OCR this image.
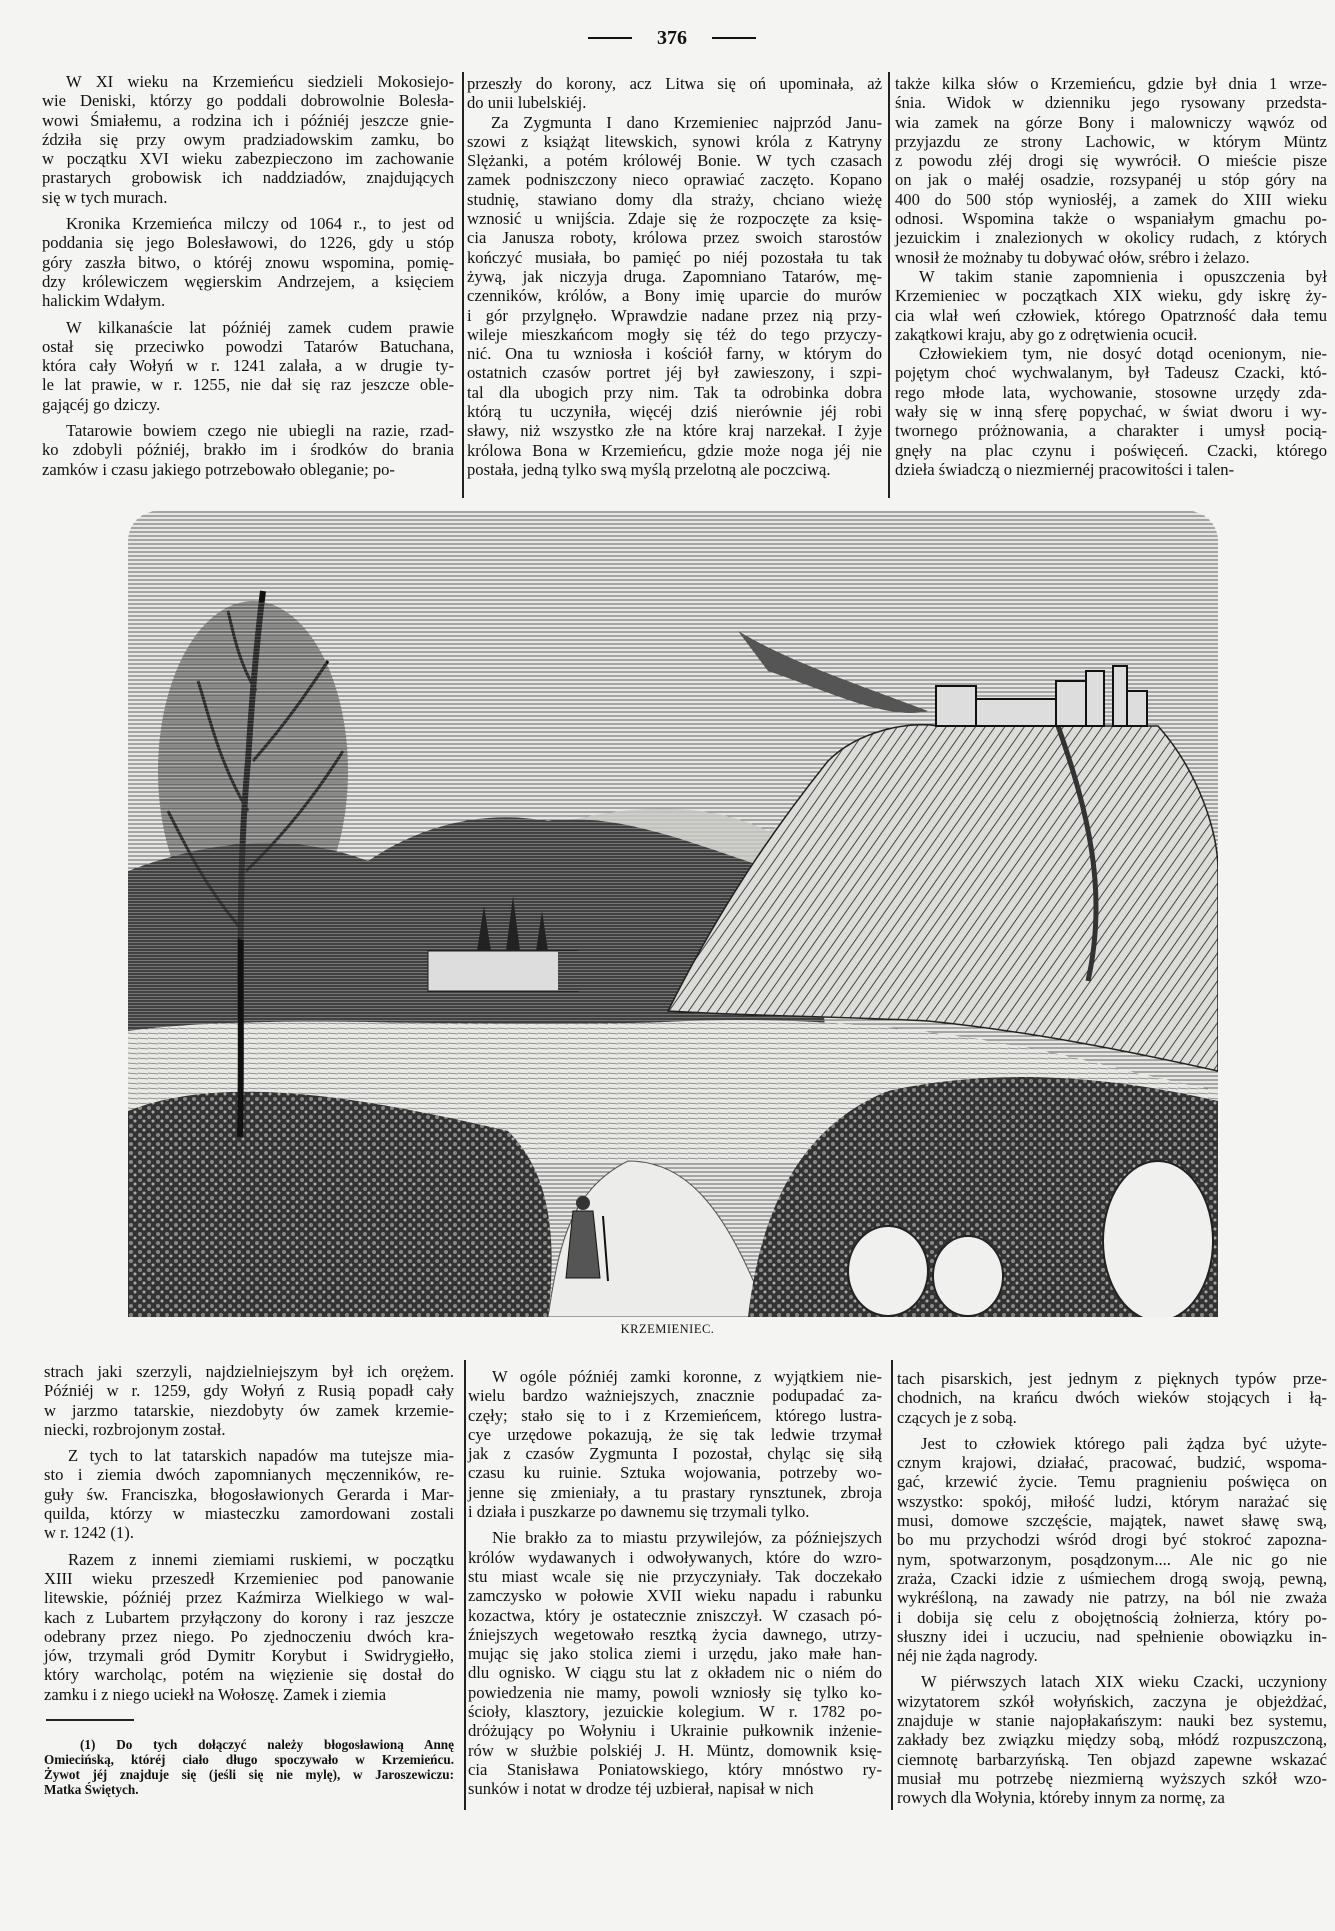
376
W XI wieku na Krzemieńcu siedzieli Mokosiejo-
wie Deniski, którzy go poddali dobrowolnie Bolesła-
wowi Śmiałemu, a rodzina ich i późniéj jeszcze gnie-
ździła się przy owym pradziadowskim zamku, bo
w początku XVI wieku zabezpieczono im zachowanie
prastarych grobowisk ich naddziadów, znajdujących
się w tych murach.
Kronika Krzemieńca milczy od 1064 r., to jest od
poddania się jego Bolesławowi, do 1226, gdy u stóp
góry zaszła bitwo, o któréj znowu wspomina, pomię-
dzy królewiczem węgierskim Andrzejem, a księciem
halickim Wdałym.
W kilkanaście lat późniéj zamek cudem prawie
ostał się przeciwko powodzi Tatarów Batuchana,
która cały Wołyń w r. 1241 zalała, a w drugie ty-
le lat prawie, w r. 1255, nie dał się raz jeszcze oble-
gającéj go dziczy.
Tatarowie bowiem czego nie ubiegli na razie, rzad-
ko zdobyli późniéj, brakło im i środków do brania
zamków i czasu jakiego potrzebowało obleganie; po-
przeszły do korony, acz Litwa się oń upominała, aż
do unii lubelskiéj.
Za Zygmunta I dano Krzemieniec najprzód Janu-
szowi z książąt litewskich, synowi króla z Katryny
Slężanki, a potém królowéj Bonie. W tych czasach
zamek podniszczony nieco oprawiać zaczęto. Kopano
studnię, stawiano domy dla straży, chciano wieżę
wznosić u wnijścia. Zdaje się że rozpoczęte za księ-
cia Janusza roboty, królowa przez swoich starostów
kończyć musiała, bo pamięć po niéj pozostała tu tak
żywą, jak niczyja druga. Zapomniano Tatarów, mę-
czenników, królów, a Bony imię uparcie do murów
i gór przylgnęło. Wprawdzie nadane przez nią przy-
wileje mieszkańcom mogły się téż do tego przyczy-
nić. Ona tu wzniosła i kościół farny, w którym do
ostatnich czasów portret jéj był zawieszony, i szpi-
tal dla ubogich przy nim. Tak ta odrobinka dobra
którą tu uczyniła, więcéj dziś nierównie jéj robi
sławy, niż wszystko złe na które kraj narzekał. I żyje
królowa Bona w Krzemieńcu, gdzie może noga jéj nie
postała, jedną tylko swą myślą przelotną ale poczciwą.
także kilka słów o Krzemieńcu, gdzie był dnia 1 wrze-
śnia. Widok w dzienniku jego rysowany przedsta-
wia zamek na górze Bony i malowniczy wąwóz od
przyjazdu ze strony Lachowic, w którym Müntz
z powodu złéj drogi się wywrócił. O mieście pisze
on jak o małéj osadzie, rozsypanéj u stóp góry na
400 do 500 stóp wyniosłéj, a zamek do XIII wieku
odnosi. Wspomina także o wspaniałym gmachu po-
jezuickim i znalezionych w okolicy rudach, z których
wnosił że możnaby tu dobywać ołów, srébro i żelazo.
W takim stanie zapomnienia i opuszczenia był
Krzemieniec w początkach XIX wieku, gdy iskrę ży-
cia wlał weń człowiek, którego Opatrzność dała temu
zakątkowi kraju, aby go z odrętwienia ocucił.
Człowiekiem tym, nie dosyć dotąd ocenionym, nie-
pojętym choć wychwalanym, był Tadeusz Czacki, któ-
rego młode lata, wychowanie, stosowne urzędy zda-
wały się w inną sferę popychać, w świat dworu i wy-
twornego próżnowania, a charakter i umysł pocią-
gnęły na plac czynu i poświęceń. Czacki, którego
dzieła świadczą o niezmiernéj pracowitości i talen-
KRZEMIENIEC.
strach jaki szerzyli, najdzielniejszym był ich orężem.
Późniéj w r. 1259, gdy Wołyń z Rusią popadł cały
w jarzmo tatarskie, niezdobyty ów zamek krzemie-
niecki, rozbrojonym został.
Z tych to lat tatarskich napadów ma tutejsze mia-
sto i ziemia dwóch zapomnianych męczenników, re-
guły św. Franciszka, błogosławionych Gerarda i Mar-
quilda, którzy w miasteczku zamordowani zostali
w r. 1242 (1).
Razem z innemi ziemiami ruskiemi, w początku
XIII wieku przeszedł Krzemieniec pod panowanie
litewskie, późniéj przez Kaźmirza Wielkiego w wal-
kach z Lubartem przyłączony do korony i raz jeszcze
odebrany przez niego. Po zjednoczeniu dwóch kra-
jów, trzymali gród Dymitr Korybut i Swidrygiełło,
który warcholąc, potém na więzienie się dostał do
zamku i z niego uciekł na Wołoszę. Zamek i ziemia
W ogóle późniéj zamki koronne, z wyjątkiem nie-
wielu bardzo ważniejszych, znacznie podupadać za-
częły; stało się to i z Krzemieńcem, którego lustra-
cye urzędowe pokazują, że się tak ledwie trzymał
jak z czasów Zygmunta I pozostał, chyląc się siłą
czasu ku ruinie. Sztuka wojowania, potrzeby wo-
jenne się zmieniały, a tu prastary rynsztunek, zbroja
i działa i puszkarze po dawnemu się trzymali tylko.
Nie brakło za to miastu przywilejów, za późniejszych
królów wydawanych i odwoływanych, które do wzro-
stu miast wcale się nie przyczyniały. Tak doczekało
zamczysko w połowie XVII wieku napadu i rabunku
kozactwa, który je ostatecznie zniszczył. W czasach pó-
źniejszych wegetowało resztką życia dawnego, utrzy-
mując się jako stolica ziemi i urzędu, jako małe han-
dlu ognisko. W ciągu stu lat z okładem nic o niém do
powiedzenia nie mamy, powoli wzniosły się tylko ko-
ścioły, klasztory, jezuickie kolegium. W r. 1782 po-
dróżujący po Wołyniu i Ukrainie pułkownik inżenie-
rów w służbie polskiéj J. H. Müntz, domownik księ-
cia Stanisława Poniatowskiego, który mnóstwo ry-
sunków i notat w drodze téj uzbierał, napisał w nich
tach pisarskich, jest jednym z pięknych typów prze-
chodnich, na krańcu dwóch wieków stojących i łą-
czących je z sobą.
Jest to człowiek którego pali żądza być użyte-
cznym krajowi, działać, pracować, budzić, wspoma-
gać, krzewić życie. Temu pragnieniu poświęca on
wszystko: spokój, miłość ludzi, którym narażać się
musi, domowe szczęście, majątek, nawet sławę swą,
bo mu przychodzi wśród drogi być stokroć zapozna-
nym, spotwarzonym, posądzonym.... Ale nic go nie
zraża, Czacki idzie z uśmiechem drogą swoją, pewną,
wykréśloną, na zawady nie patrzy, na ból nie zważa
i dobija się celu z obojętnością żołnierza, który po-
słuszny idei i uczuciu, nad spełnienie obowiązku in-
néj nie żąda nagrody.
W piérwszych latach XIX wieku Czacki, uczyniony
wizytatorem szkół wołyńskich, zaczyna je objeżdżać,
znajduje w stanie najopłakańszym: nauki bez systemu,
zakłady bez związku między sobą, młódź rozpuszczoną,
ciemnotę barbarzyńską. Ten objazd zapewne wskazać
musiał mu potrzebę niezmierną wyższych szkół wzo-
rowych dla Wołynia, któreby innym za normę, za
(1) Do tych dołączyć należy błogosławioną Annę
Omiecińską, któréj ciało długo spoczywało w Krzemieńcu.
Żywot jéj znajduje się (jeśli się nie mylę), w Jaroszewiczu:
Matka Świętych.
